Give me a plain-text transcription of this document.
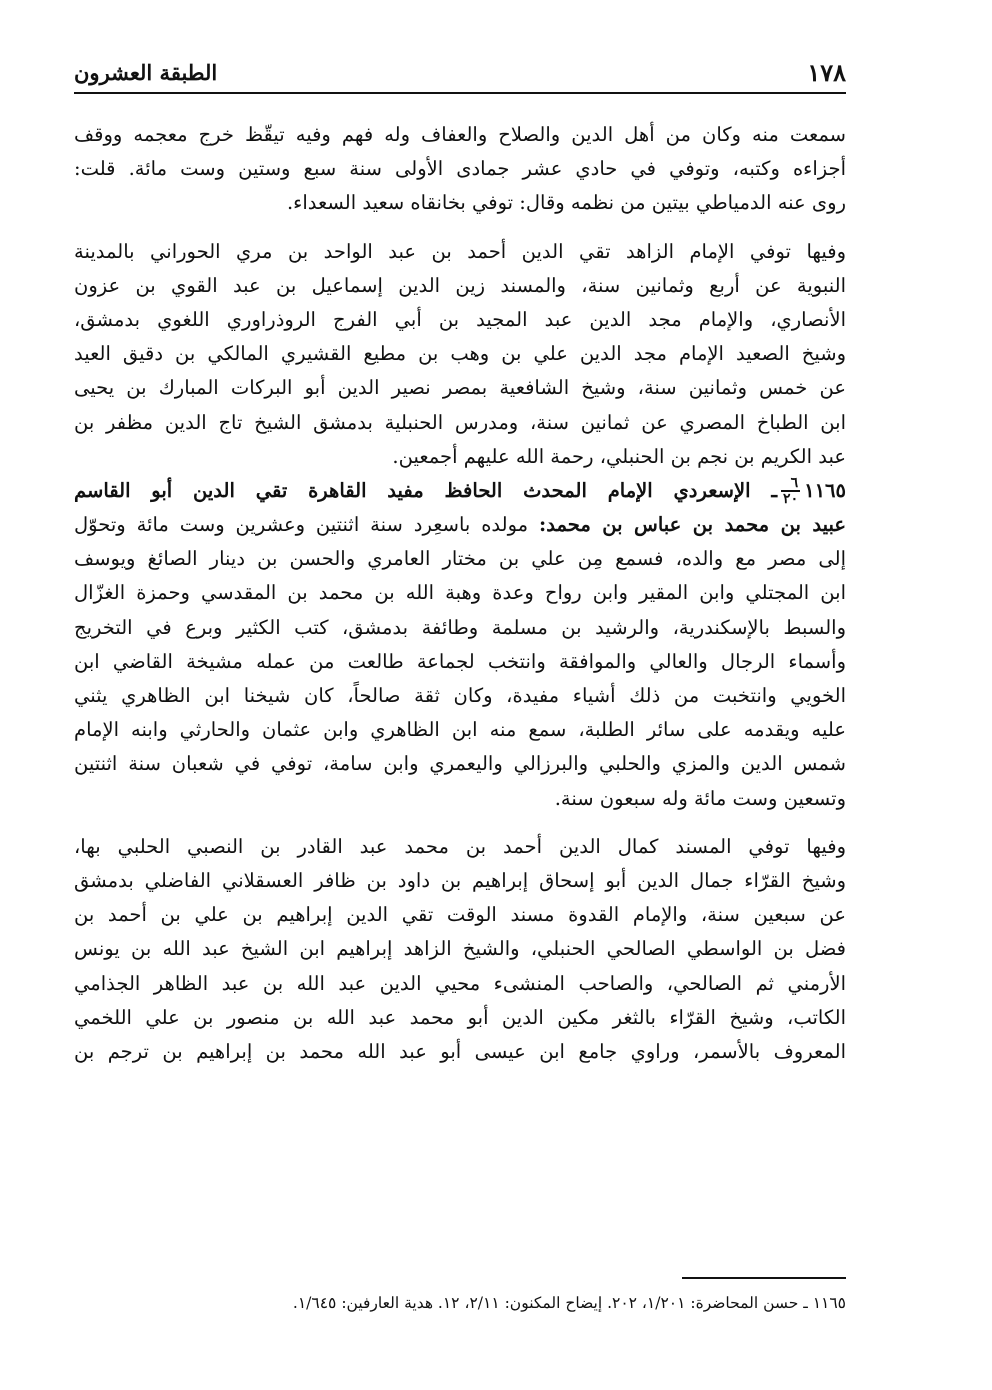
١٧٨
الطبقة العشرون
سمعت منه وكان من أهل الدين والصلاح والعفاف وله فهم وفيه تيقّظ خرج معجمه ووقف
أجزاءه وكتبه، وتوفي في حادي عشر جمادى الأولى سنة سبع وستين وست مائة. قلت:
روى عنه الدمياطي بيتين من نظمه وقال: توفي بخانقاه سعيد السعداء.
وفيها توفي الإمام الزاهد تقي الدين أحمد بن عبد الواحد بن مري الحوراني بالمدينة
النبوية عن أربع وثمانين سنة، والمسند زين الدين إسماعيل بن عبد القوي بن عزون
الأنصاري، والإمام مجد الدين عبد المجيد بن أبي الفرج الروذراوري اللغوي بدمشق،
وشيخ الصعيد الإمام مجد الدين علي بن وهب بن مطيع القشيري المالكي بن دقيق العيد
عن خمس وثمانين سنة، وشيخ الشافعية بمصر نصير الدين أبو البركات المبارك بن يحيى
ابن الطباخ المصري عن ثمانين سنة، ومدرس الحنبلية بدمشق الشيخ تاج الدين مظفر بن
عبد الكريم بن نجم بن الحنبلي، رحمة الله عليهم أجمعين.
١١٦٥
$\frac{٦}{٢٠}$
ـ الإسعردي الإمام المحدث الحافظ مفيد القاهرة تقي الدين أبو القاسم
عبيد بن محمد بن عباس بن محمد: مولده باسعِرد سنة اثنتين وعشرين وست مائة وتحوّل
إلى مصر مع والده، فسمع مِن علي بن مختار العامري والحسن بن دينار الصائغ ويوسف
ابن المجتلي وابن المقير وابن رواح وعدة وهبة الله بن محمد بن المقدسي وحمزة الغزّال
والسبط بالإسكندرية، والرشيد بن مسلمة وطائفة بدمشق، كتب الكثير وبرع في التخريج
وأسماء الرجال والعالي والموافقة وانتخب لجماعة طالعت من عمله مشيخة القاضي ابن
الخويي وانتخبت من ذلك أشياء مفيدة، وكان ثقة صالحاً، كان شيخنا ابن الظاهري يثني
عليه ويقدمه على سائر الطلبة، سمع منه ابن الظاهري وابن عثمان والحارثي وابنه الإمام
شمس الدين والمزي والحلبي والبرزالي واليعمري وابن سامة، توفي في شعبان سنة اثنتين
وتسعين وست مائة وله سبعون سنة.
وفيها توفي المسند كمال الدين أحمد بن محمد عبد القادر بن النصبي الحلبي بها،
وشيخ القرّاء جمال الدين أبو إسحاق إبراهيم بن داود بن ظافر العسقلاني الفاضلي بدمشق
عن سبعين سنة، والإمام القدوة مسند الوقت تقي الدين إبراهيم بن علي بن أحمد بن
فضل بن الواسطي الصالحي الحنبلي، والشيخ الزاهد إبراهيم ابن الشيخ عبد الله بن يونس
الأرمني ثم الصالحي، والصاحب المنشىء محيي الدين عبد الله بن عبد الظاهر الجذامي
الكاتب، وشيخ القرّاء بالثغر مكين الدين أبو محمد عبد الله بن منصور بن علي اللخمي
المعروف بالأسمر، وراوي جامع ابن عيسى أبو عبد الله محمد بن إبراهيم بن ترجم بن
١١٦٥ ـ حسن المحاضرة: ١/٢٠١، ٢٠٢. إيضاح المكنون: ٢/١١، ١٢. هدية العارفين: ١/٦٤٥.
